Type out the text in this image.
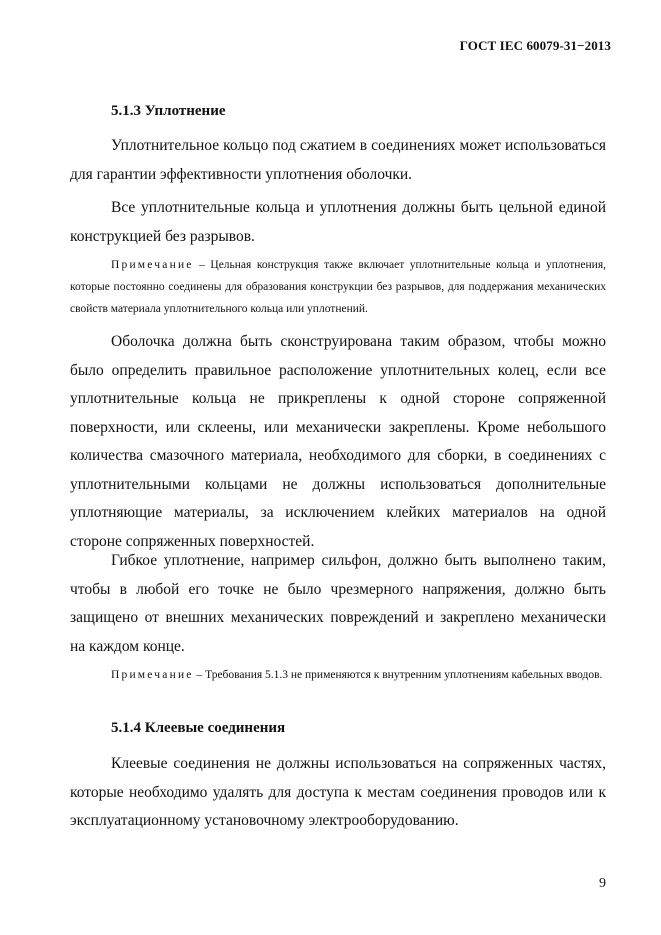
ГОСТ IEC 60079-31−2013
5.1.3 Уплотнение

Уплотнительное кольцо под сжатием в соединениях может использоваться для гарантии эффективности уплотнения оболочки.

Все уплотнительные кольца и уплотнения должны быть цельной единой конструкцией без разрывов.

Примечание – Цельная конструкция также включает уплотнительные кольца и уплотнения, которые постоянно соединены для образования конструкции без разрывов, для поддержания механических свойств материала уплотнительного кольца или уплотнений.

Оболочка должна быть сконструирована таким образом, чтобы можно было определить правильное расположение уплотнительных колец, если все уплотнительные кольца не прикреплены к одной стороне сопряженной поверхности, или склеены, или механически закреплены. Кроме небольшого количества смазочного материала, необходимого для сборки, в соединениях с уплотнительными кольцами не должны использоваться дополнительные уплотняющие материалы, за исключением клейких материалов на одной стороне сопряженных поверхностей.

Гибкое уплотнение, например сильфон, должно быть выполнено таким, чтобы в любой его точке не было чрезмерного напряжения, должно быть защищено от внешних механических повреждений и закреплено механически на каждом конце.

Примечание – Требования 5.1.3 не применяются к внутренним уплотнениям кабельных вводов.

5.1.4 Клеевые соединения

Клеевые соединения не должны использоваться на сопряженных частях, которые необходимо удалять для доступа к местам соединения проводов или к эксплуатационному установочному электрооборудованию.

9
